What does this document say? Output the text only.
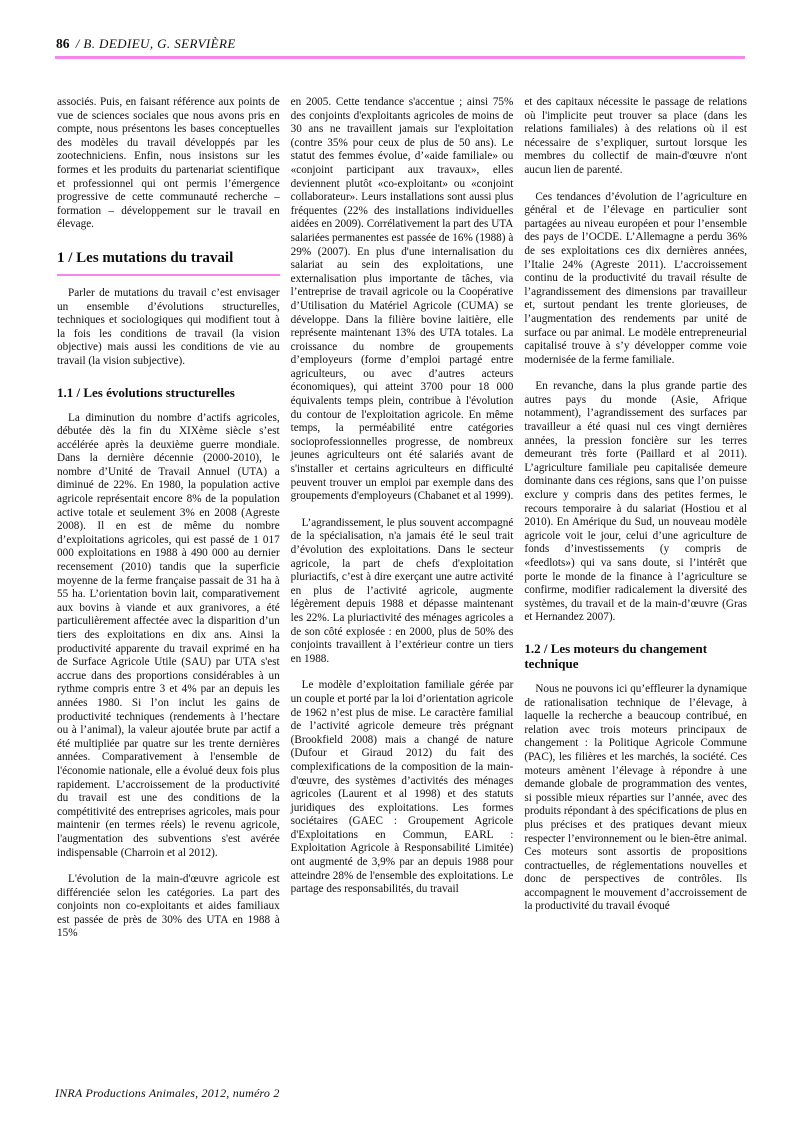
86 / B. DEDIEU, G. SERVIÈRE

associés. Puis, en faisant référence aux points de vue de sciences sociales que nous avons pris en compte, nous présentons les bases conceptuelles des modèles du travail développés par les zootechniciens. Enfin, nous insistons sur les formes et les produits du partenariat scientifique et professionnel qui ont permis l’émergence progressive de cette communauté recherche – formation – développement sur le travail en élevage.

1 / Les mutations du travail

Parler de mutations du travail c’est envisager un ensemble d’évolutions structurelles, techniques et sociologiques qui modifient tout à la fois les conditions de travail (la vision objective) mais aussi les conditions de vie au travail (la vision subjective).

1.1 / Les évolutions structurelles

La diminution du nombre d’actifs agricoles, débutée dès la fin du XIXème siècle s’est accélérée après la deuxième guerre mondiale. Dans la dernière décennie (2000-2010), le nombre d’Unité de Travail Annuel (UTA) a diminué de 22%. En 1980, la population active agricole représentait encore 8% de la population active totale et seulement 3% en 2008 (Agreste 2008). Il en est de même du nombre d’exploitations agricoles, qui est passé de 1 017 000 exploitations en 1988 à 490 000 au dernier recensement (2010) tandis que la superficie moyenne de la ferme française passait de 31 ha à 55 ha. L’orientation bovin lait, comparativement aux bovins à viande et aux granivores, a été particulièrement affectée avec la disparition d’un tiers des exploitations en dix ans. Ainsi la productivité apparente du travail exprimé en ha de Surface Agricole Utile (SAU) par UTA s'est accrue dans des proportions considérables à un rythme compris entre 3 et 4% par an depuis les années 1980. Si l’on inclut les gains de productivité techniques (rendements à l’hectare ou à l’animal), la valeur ajoutée brute par actif a été multipliée par quatre sur les trente dernières années. Comparativement à l'ensemble de l'économie nationale, elle a évolué deux fois plus rapidement. L’accroissement de la productivité du travail est une des conditions de la compétitivité des entreprises agricoles, mais pour maintenir (en termes réels) le revenu agricole, l'augmentation des subventions s'est avérée indispensable (Charroin et al 2012).

L'évolution de la main-d'œuvre agricole est différenciée selon les catégories. La part des conjoints non co-exploitants et aides familiaux est passée de près de 30% des UTA en 1988 à 15%

en 2005. Cette tendance s'accentue ; ainsi 75% des conjoints d'exploitants agricoles de moins de 30 ans ne travaillent jamais sur l'exploitation (contre 35% pour ceux de plus de 50 ans). Le statut des femmes évolue, d’«aide familiale» ou «conjoint participant aux travaux», elles deviennent plutôt «co-exploitant» ou «conjoint collaborateur». Leurs installations sont aussi plus fréquentes (22% des installations individuelles aidées en 2009). Corrélativement la part des UTA salariées permanentes est passée de 16% (1988) à 29% (2007). En plus d'une internalisation du salariat au sein des exploitations, une externalisation plus importante de tâches, via l’entreprise de travail agricole ou la Coopérative d’Utilisation du Matériel Agricole (CUMA) se développe. Dans la filière bovine laitière, elle représente maintenant 13% des UTA totales. La croissance du nombre de groupements d’employeurs (forme d’emploi partagé entre agriculteurs, ou avec d’autres acteurs économiques), qui atteint 3700 pour 18 000 équivalents temps plein, contribue à l'évolution du contour de l'exploitation agricole. En même temps, la perméabilité entre catégories socioprofessionnelles progresse, de nombreux jeunes agriculteurs ont été salariés avant de s'installer et certains agriculteurs en difficulté peuvent trouver un emploi par exemple dans des groupements d'employeurs (Chabanet et al 1999).

L’agrandissement, le plus souvent accompagné de la spécialisation, n'a jamais été le seul trait d’évolution des exploitations. Dans le secteur agricole, la part de chefs d'exploitation pluriactifs, c’est à dire exerçant une autre activité en plus de l’activité agricole, augmente légèrement depuis 1988 et dépasse maintenant les 22%. La pluriactivité des ménages agricoles a de son côté explosée : en 2000, plus de 50% des conjoints travaillent à l’extérieur contre un tiers en 1988.

Le modèle d’exploitation familiale gérée par un couple et porté par la loi d’orientation agricole de 1962 n’est plus de mise. Le caractère familial de l’activité agricole demeure très prégnant (Brookfield 2008) mais a changé de nature (Dufour et Giraud 2012) du fait des complexifications de la composition de la main-d'œuvre, des systèmes d’activités des ménages agricoles (Laurent et al 1998) et des statuts juridiques des exploitations. Les formes sociétaires (GAEC : Groupement Agricole d'Exploitations en Commun, EARL : Exploitation Agricole à Responsabilité Limitée) ont augmenté de 3,9% par an depuis 1988 pour atteindre 28% de l'ensemble des exploitations. Le partage des responsabilités, du travail

et des capitaux nécessite le passage de relations où l'implicite peut trouver sa place (dans les relations familiales) à des relations où il est nécessaire de s’expliquer, surtout lorsque les membres du collectif de main-d'œuvre n'ont aucun lien de parenté.

Ces tendances d’évolution de l’agriculture en général et de l’élevage en particulier sont partagées au niveau européen et pour l’ensemble des pays de l’OCDE. L’Allemagne a perdu 36% de ses exploitations ces dix dernières années, l’Italie 24% (Agreste 2011). L’accroissement continu de la productivité du travail résulte de l’agrandissement des dimensions par travailleur et, surtout pendant les trente glorieuses, de l’augmentation des rendements par unité de surface ou par animal. Le modèle entrepreneurial capitalisé trouve à s’y développer comme voie modernisée de la ferme familiale.

En revanche, dans la plus grande partie des autres pays du monde (Asie, Afrique notamment), l’agrandissement des surfaces par travailleur a été quasi nul ces vingt dernières années, la pression foncière sur les terres demeurant très forte (Paillard et al 2011). L’agriculture familiale peu capitalisée demeure dominante dans ces régions, sans que l’on puisse exclure y compris dans des petites fermes, le recours temporaire à du salariat (Hostiou et al 2010). En Amérique du Sud, un nouveau modèle agricole voit le jour, celui d’une agriculture de fonds d’investissements (y compris de «feedlots») qui va sans doute, si l’intérêt que porte le monde de la finance à l’agriculture se confirme, modifier radicalement la diversité des systèmes, du travail et de la main-d’œuvre (Gras et Hernandez 2007).

1.2 / Les moteurs du changement technique

Nous ne pouvons ici qu’effleurer la dynamique de rationalisation technique de l’élevage, à laquelle la recherche a beaucoup contribué, en relation avec trois moteurs principaux de changement : la Politique Agricole Commune (PAC), les filières et les marchés, la société. Ces moteurs amènent l’élevage à répondre à une demande globale de programmation des ventes, si possible mieux réparties sur l’année, avec des produits répondant à des spécifications de plus en plus précises et des pratiques devant mieux respecter l’environnement ou le bien-être animal. Ces moteurs sont assortis de propositions contractuelles, de réglementations nouvelles et donc de perspectives de contrôles. Ils accompagnent le mouvement d’accroissement de la productivité du travail évoqué

INRA Productions Animales, 2012, numéro 2
